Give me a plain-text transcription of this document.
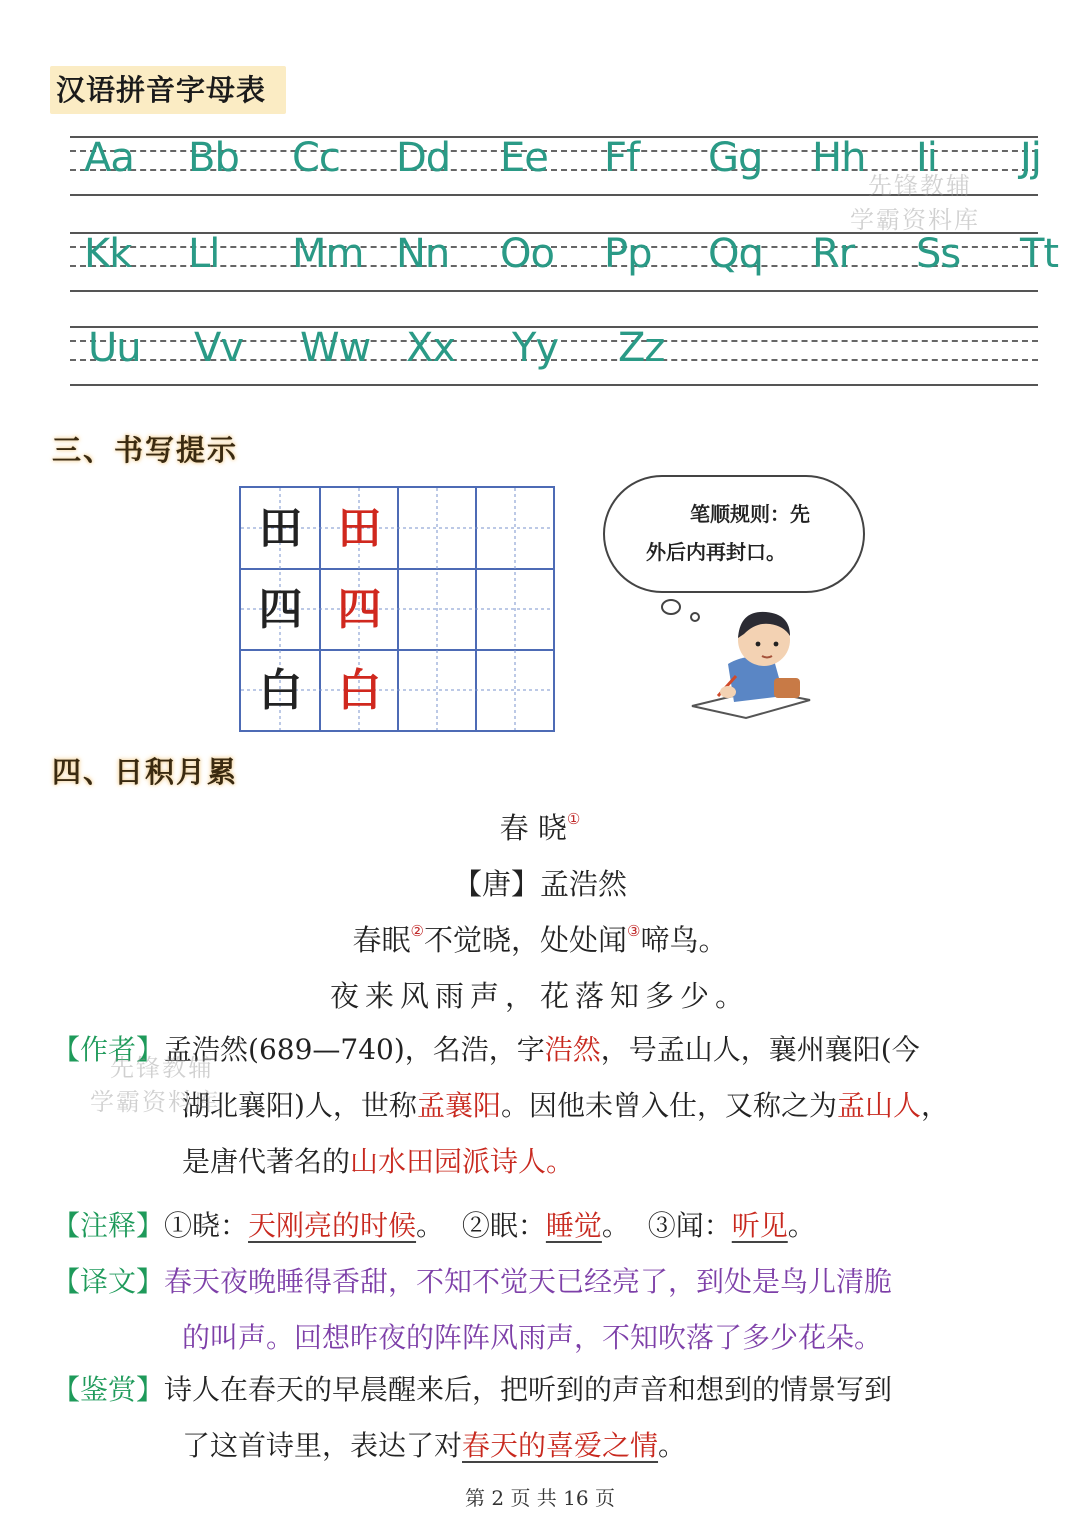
汉语拼音字母表
Aa Bb Cc Dd Ee Ff Gg Hh Ii Jj
Kk Ll Mm Nn Oo Pp Qq Rr Ss Tt
Uu Vv Ww Xx Yy Zz
先锋教辅
学霸资料库
三、书写提示
田 田
四 四
白 白
笔顺规则：先
外后内再封口。
四、日积月累
春 晓①
【唐】孟浩然
春眠②不觉晓，处处闻③啼鸟。
夜来风雨声，花落知多少。
【作者】孟浩然(689—740)，名浩，字浩然，号孟山人，襄州襄阳(今
湖北襄阳)人，世称孟襄阳。因他未曾入仕，又称之为孟山人，
是唐代著名的山水田园派诗人。
先锋教辅
学霸资料库
【注释】①晓：天刚亮的时候。 ②眠：睡觉。 ③闻：听见。
【译文】春天夜晚睡得香甜，不知不觉天已经亮了，到处是鸟儿清脆
的叫声。回想昨夜的阵阵风雨声，不知吹落了多少花朵。
【鉴赏】诗人在春天的早晨醒来后，把听到的声音和想到的情景写到
了这首诗里，表达了对春天的喜爱之情。
第 2 页 共 16 页
